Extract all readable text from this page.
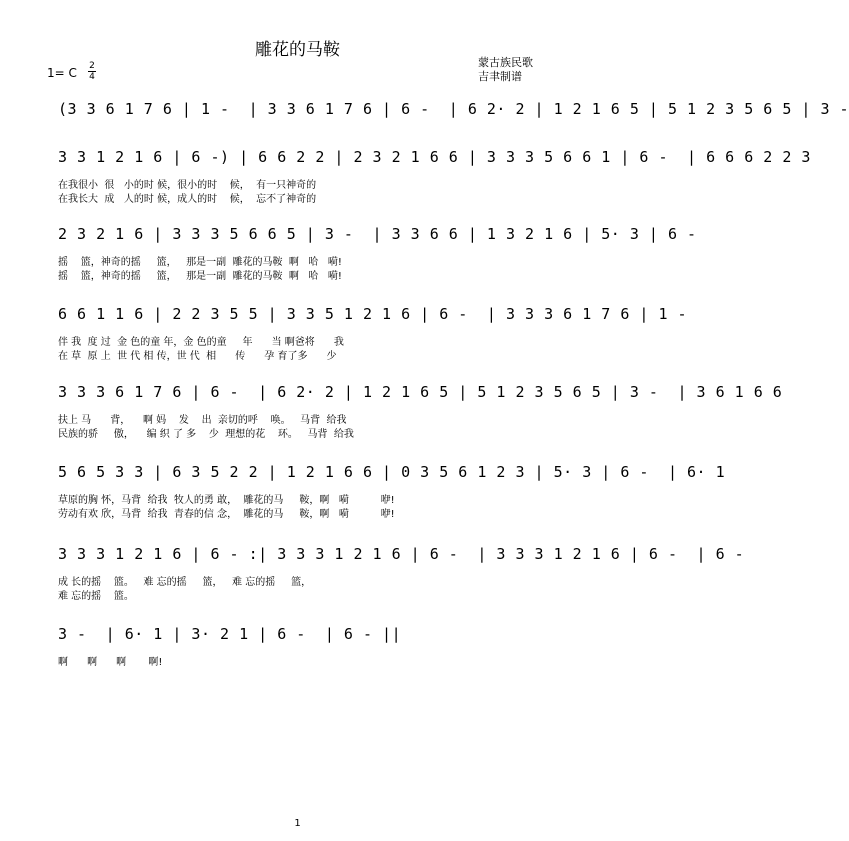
雕花的马鞍
蒙古族民歌
吉聿制谱
1= C 2
4
(3 3 6 1 7 6 | 1 -  | 3 3 6 1 7 6 | 6 -  | 6 2· 2 | 1 2 1 6 5 | 5 1 2 3 5 6 5 | 3 -
3 3 1 2 1 6 | 6 -) | 6 6 2 2 | 2 3 2 1 6 6 | 3 3 3 5 6 6 1 | 6 -  | 6 6 6 2 2 3
在我很小  很   小的时 候，很小的时    候，  有一只神奇的
在我长大  成   人的时 候，成人的时    候，  忘不了神奇的
2 3 2 1 6 | 3 3 3 5 6 6 5 | 3 -  | 3 3 6 6 | 1 3 2 1 6 | 5· 3 | 6 -
摇    篮，神奇的摇     篮，   那是一副  雕花的马鞍  啊   哈   嗬!
摇    篮，神奇的摇     篮，   那是一副  雕花的马鞍  啊   哈   嗬!
6 6 1 1 6 | 2 2 3 5 5 | 3 3 5 1 2 1 6 | 6 -  | 3 3 3 6 1 7 6 | 1 -
伴 我  度 过  金 色的童 年，金 色的童     年      当 啊爸将      我
在 草  原 上  世 代 相 传，世 代  相      传      孕 育了多      少
3 3 3 6 1 7 6 | 6 -  | 6 2· 2 | 1 2 1 6 5 | 5 1 2 3 5 6 5 | 3 -  | 3 6 1 6 6
扶上 马      背，    啊 妈    发    出  亲切的呼    唤。   马背  给我
民族的骄     傲，    编 织 了 多    少  理想的花    环。   马背  给我
5 6 5 3 3 | 6 3 5 2 2 | 1 2 1 6 6 | 0 3 5 6 1 2 3 | 5· 3 | 6 -  | 6· 1
草原的胸 怀，马背  给我  牧人的勇 敢，  雕花的马     鞍，啊   嗬          咿!
劳动有欢 欣，马背  给我  青春的信 念，  雕花的马     鞍，啊   嗬          咿!
3 3 3 1 2 1 6 | 6 - :| 3 3 3 1 2 1 6 | 6 -  | 3 3 3 1 2 1 6 | 6 -  | 6 -
成 长的摇    篮。   难 忘的摇     篮，   难 忘的摇     篮，
难 忘的摇    篮。
3 -  | 6· 1 | 3· 2 1 | 6 -  | 6 - ||
啊      啊      啊       啊!
1
